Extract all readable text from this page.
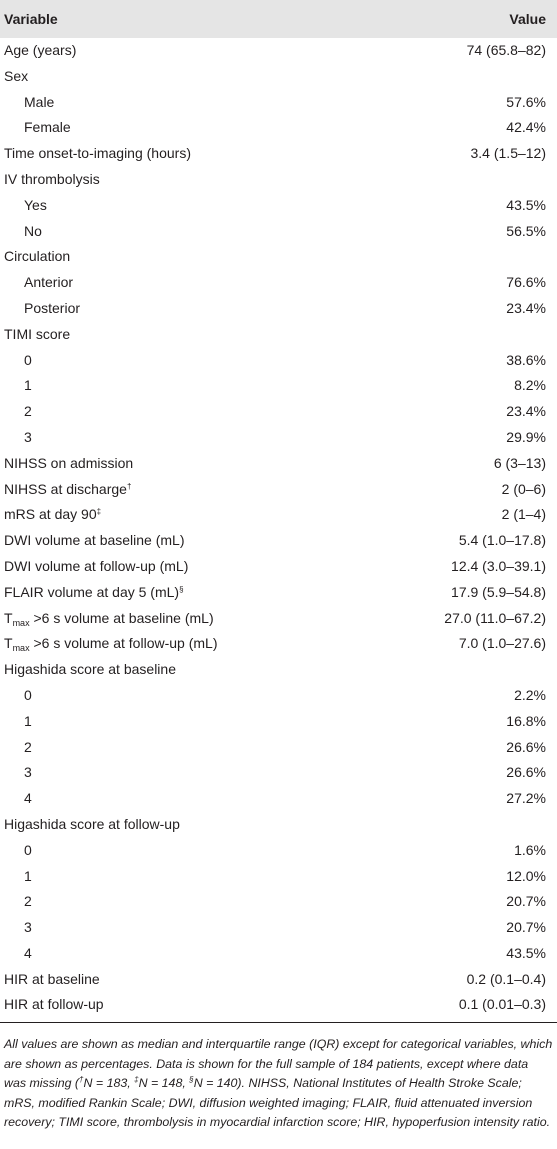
Variable	Value
Age (years)	74 (65.8–82)
Sex
Male	57.6%
Female	42.4%
Time onset-to-imaging (hours)	3.4 (1.5–12)
IV thrombolysis
Yes	43.5%
No	56.5%
Circulation
Anterior	76.6%
Posterior	23.4%
TIMI score
0	38.6%
1	8.2%
2	23.4%
3	29.9%
NIHSS on admission	6 (3–13)
NIHSS at discharge†	2 (0–6)
mRS at day 90‡	2 (1–4)
DWI volume at baseline (mL)	5.4 (1.0–17.8)
DWI volume at follow-up (mL)	12.4 (3.0–39.1)
FLAIR volume at day 5 (mL)§	17.9 (5.9–54.8)
$T_{max} >6$ s volume at baseline (mL)	27.0 (11.0–67.2)
$T_{max} >6$ s volume at follow-up (mL)	7.0 (1.0–27.6)
Higashida score at baseline
0	2.2%
1	16.8%
2	26.6%
3	26.6%
4	27.2%
Higashida score at follow-up
0	1.6%
1	12.0%
2	20.7%
3	20.7%
4	43.5%
HIR at baseline	0.2 (0.1–0.4)
HIR at follow-up	0.1 (0.01–0.3)
All values are shown as median and interquartile range (IQR) except for categorical variables, which are shown as percentages. Data is shown for the full sample of 184 patients, except where data was missing (†N = 183, ‡N = 148, §N = 140). NIHSS, National Institutes of Health Stroke Scale; mRS, modified Rankin Scale; DWI, diffusion weighted imaging; FLAIR, fluid attenuated inversion recovery; TIMI score, thrombolysis in myocardial infarction score; HIR, hypoperfusion intensity ratio.
